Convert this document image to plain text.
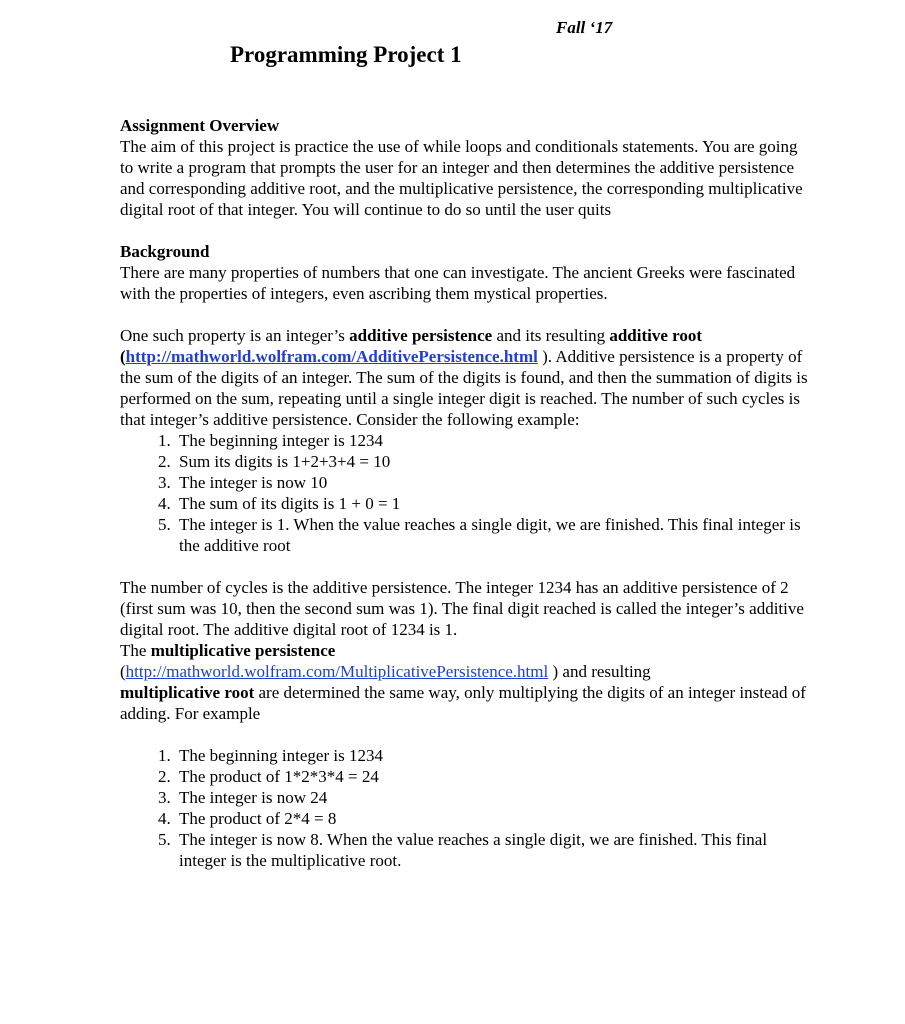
Fall ‘17
Programming Project 1

Assignment Overview

The aim of this project is practice the use of while loops and conditionals statements. You are going to write a program that prompts the user for an integer and then determines the additive persistence and corresponding additive root, and the multiplicative persistence, the corresponding multiplicative digital root of that integer. You will continue to do so until the user quits

Background

There are many properties of numbers that one can investigate. The ancient Greeks were fascinated with the properties of integers, even ascribing them mystical properties.

One such property is an integer’s additive persistence and its resulting additive root (http://mathworld.wolfram.com/AdditivePersistence.html ). Additive persistence is a property of the sum of the digits of an integer. The sum of the digits is found, and then the summation of digits is performed on the sum, repeating until a single integer digit is reached. The number of such cycles is that integer’s additive persistence. Consider the following example:

1. The beginning integer is 1234
2. Sum its digits is 1+2+3+4 = 10
3. The integer is now 10
4. The sum of its digits is 1 + 0 = 1
5. The integer is 1. When the value reaches a single digit, we are finished. This final integer is the additive root

The number of cycles is the additive persistence. The integer 1234 has an additive persistence of 2 (first sum was 10, then the second sum was 1). The final digit reached is called the integer’s additive digital root. The additive digital root of 1234 is 1.

The multiplicative persistence
(http://mathworld.wolfram.com/MultiplicativePersistence.html ) and resulting
multiplicative root are determined the same way, only multiplying the digits of an integer instead of adding. For example

1. The beginning integer is 1234
2. The product of 1*2*3*4 = 24
3. The integer is now 24
4. The product of 2*4 = 8
5. The integer is now 8. When the value reaches a single digit, we are finished. This final integer is the multiplicative root.
